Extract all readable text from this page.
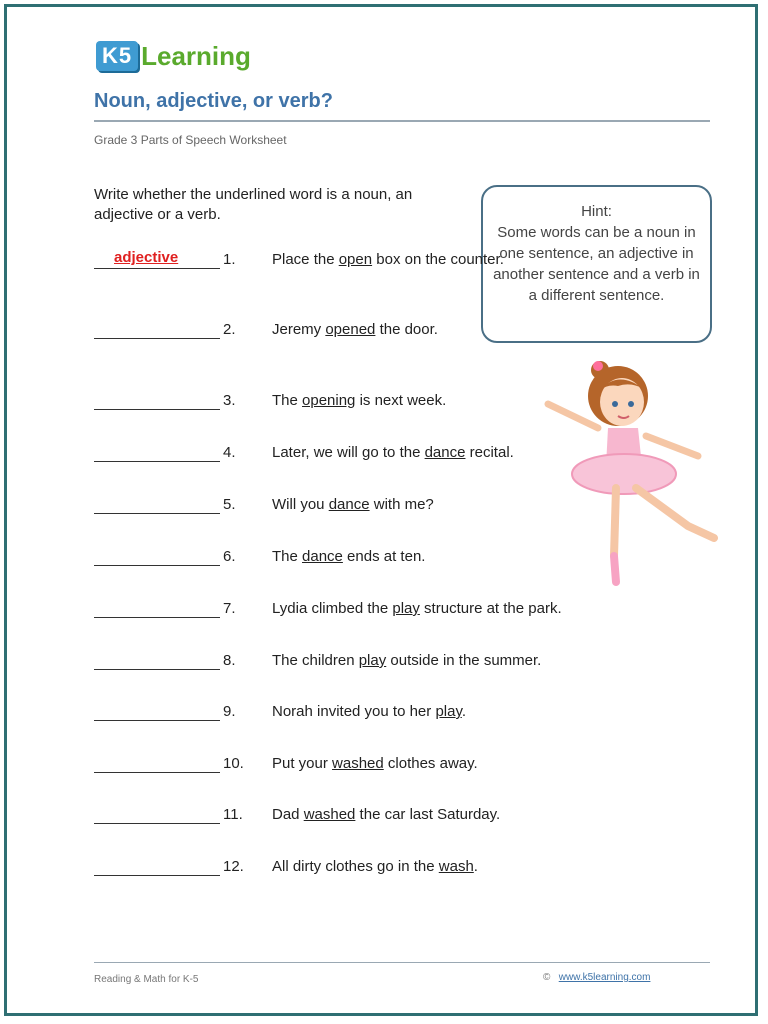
K5 Learning
Noun, adjective, or verb?
Grade 3 Parts of Speech Worksheet
Write whether the underlined word is a noun, an adjective or a verb.	Hint:
Some words can be a noun in one sentence, an adjective in another sentence and a verb in a different sentence.
adjective	1. Place the open box on the counter.
2. Jeremy opened the door.
3. The opening is next week.
4. Later, we will go to the dance recital.
5. Will you dance with me?
6. The dance ends at ten.
7. Lydia climbed the play structure at the park.
8. The children play outside in the summer.
9. Norah invited you to her play.
10. Put your washed clothes away.
11. Dad washed the car last Saturday.
12. All dirty clothes go in the wash.
Reading & Math for K-5	© www.k5learning.com
